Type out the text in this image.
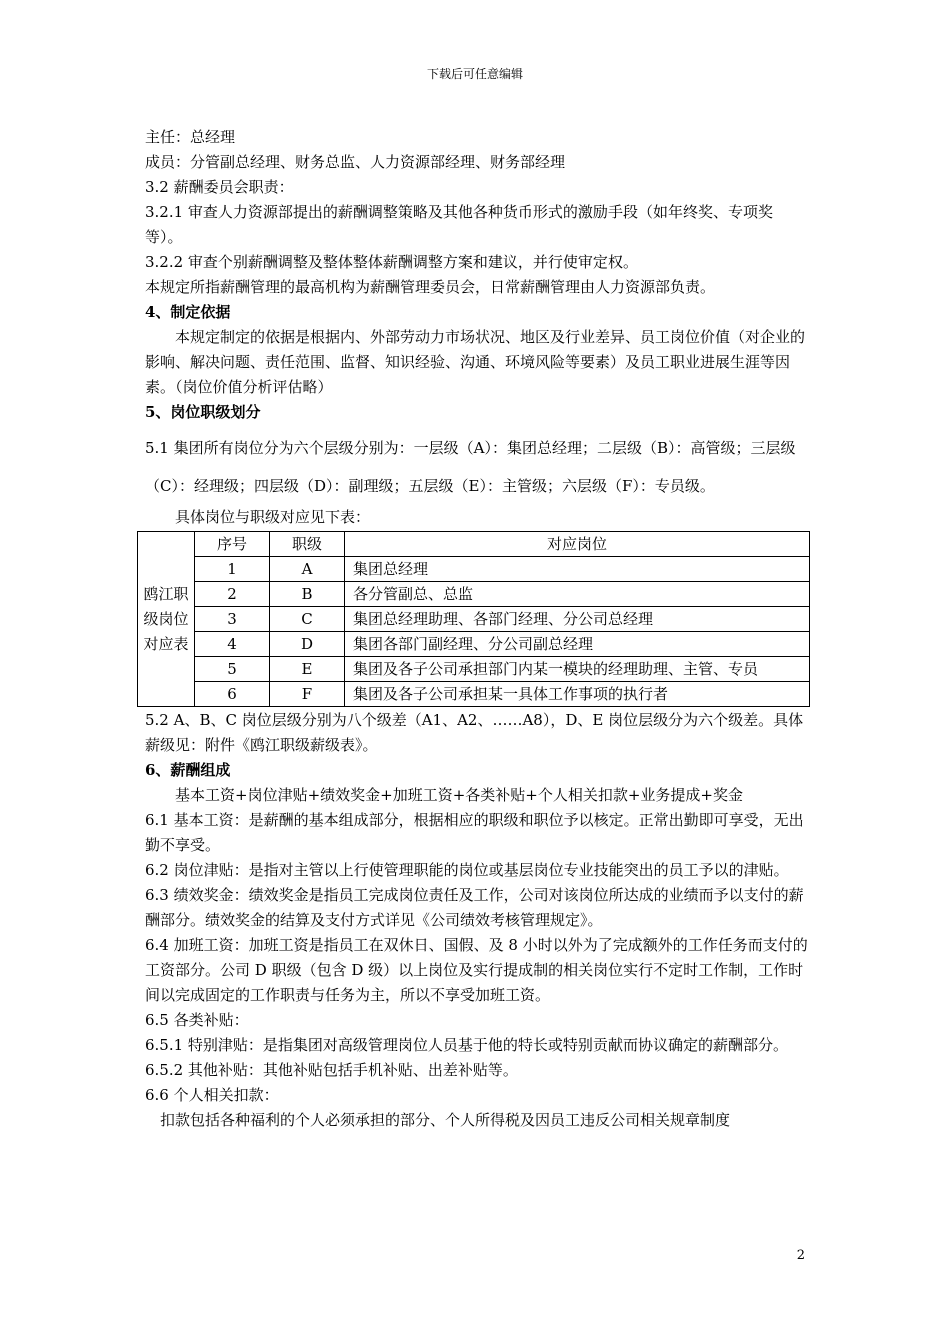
下载后可任意编辑

主任：总经理

成员：分管副总经理、财务总监、人力资源部经理、财务部经理

3.2 薪酬委员会职责：

3.2.1 审查人力资源部提出的薪酬调整策略及其他各种货币形式的激励手段（如年终奖、专项奖等）。

3.2.2 审查个别薪酬调整及整体整体薪酬调整方案和建议，并行使审定权。

本规定所指薪酬管理的最高机构为薪酬管理委员会，日常薪酬管理由人力资源部负责。

4、制定依据

本规定制定的依据是根据内、外部劳动力市场状况、地区及行业差异、员工岗位价值（对企业的影响、解决问题、责任范围、监督、知识经验、沟通、环境风险等要素）及员工职业进展生涯等因素。（岗位价值分析评估略）

5、岗位职级划分

5.1 集团所有岗位分为六个层级分别为：一层级（A）：集团总经理；二层级（B）：高管级；三层级（C）：经理级；四层级（D）：副理级；五层级（E）：主管级；六层级（F）：专员级。

具体岗位与职级对应见下表：

鸥江职级岗位对应表	序号	职级	对应岗位
	1	A	集团总经理
	2	B	各分管副总、总监
	3	C	集团总经理助理、各部门经理、分公司总经理
	4	D	集团各部门副经理、分公司副总经理
	5	E	集团及各子公司承担部门内某一模块的经理助理、主管、专员
	6	F	集团及各子公司承担某一具体工作事项的执行者

5.2 A、B、C 岗位层级分别为八个级差（A1、A2、……A8），D、E 岗位层级分为六个级差。具体薪级见：附件《鸥江职级薪级表》。

6、薪酬组成

基本工资+岗位津贴+绩效奖金+加班工资+各类补贴+个人相关扣款+业务提成+奖金

6.1 基本工资：是薪酬的基本组成部分，根据相应的职级和职位予以核定。正常出勤即可享受，无出勤不享受。

6.2 岗位津贴：是指对主管以上行使管理职能的岗位或基层岗位专业技能突出的员工予以的津贴。

6.3 绩效奖金：绩效奖金是指员工完成岗位责任及工作，公司对该岗位所达成的业绩而予以支付的薪酬部分。绩效奖金的结算及支付方式详见《公司绩效考核管理规定》。

6.4 加班工资：加班工资是指员工在双休日、国假、及 8 小时以外为了完成额外的工作任务而支付的工资部分。公司 D 职级（包含 D 级）以上岗位及实行提成制的相关岗位实行不定时工作制，工作时间以完成固定的工作职责与任务为主，所以不享受加班工资。

6.5 各类补贴：

6.5.1 特别津贴：是指集团对高级管理岗位人员基于他的特长或特别贡献而协议确定的薪酬部分。

6.5.2 其他补贴：其他补贴包括手机补贴、出差补贴等。

6.6 个人相关扣款：

扣款包括各种福利的个人必须承担的部分、个人所得税及因员工违反公司相关规章制度

2
